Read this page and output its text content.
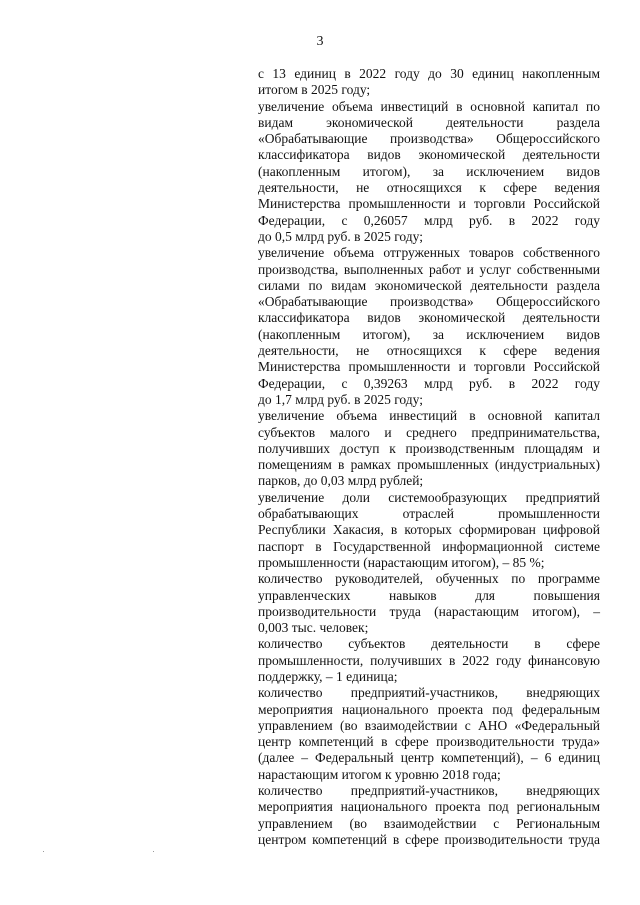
3
с 13 единиц в 2022 году до 30 единиц накопленным
итогом в 2025 году;
увеличение объема инвестиций в основной капитал по
видам экономической деятельности раздела
«Обрабатывающие производства» Общероссийского
классификатора видов экономической деятельности
(накопленным итогом), за исключением видов
деятельности, не относящихся к сфере ведения
Министерства промышленности и торговли Российской
Федерации, с 0,26057 млрд руб. в 2022 году
до 0,5 млрд руб. в 2025 году;
увеличение объема отгруженных товаров собственного
производства, выполненных работ и услуг собственными
силами по видам экономической деятельности раздела
«Обрабатывающие производства» Общероссийского
классификатора видов экономической деятельности
(накопленным итогом), за исключением видов
деятельности, не относящихся к сфере ведения
Министерства промышленности и торговли Российской
Федерации, с 0,39263 млрд руб. в 2022 году
до 1,7 млрд руб. в 2025 году;
увеличение объема инвестиций в основной капитал
субъектов малого и среднего предпринимательства,
получивших доступ к производственным площадям и
помещениям в рамках промышленных (индустриальных)
парков, до 0,03 млрд рублей;
увеличение доли системообразующих предприятий
обрабатывающих отраслей промышленности
Республики Хакасия, в которых сформирован цифровой
паспорт в Государственной информационной системе
промышленности (нарастающим итогом), – 85 %;
количество руководителей, обученных по программе
управленческих навыков для повышения
производительности труда (нарастающим итогом), –
0,003 тыс. человек;
количество субъектов деятельности в сфере
промышленности, получивших в 2022 году финансовую
поддержку, – 1 единица;
количество предприятий-участников, внедряющих
мероприятия национального проекта под федеральным
управлением (во взаимодействии с АНО «Федеральный
центр компетенций в сфере производительности труда»
(далее – Федеральный центр компетенций), – 6 единиц
нарастающим итогом к уровню 2018 года;
количество предприятий-участников, внедряющих
мероприятия национального проекта под региональным
управлением (во взаимодействии с Региональным
центром компетенций в сфере производительности труда
